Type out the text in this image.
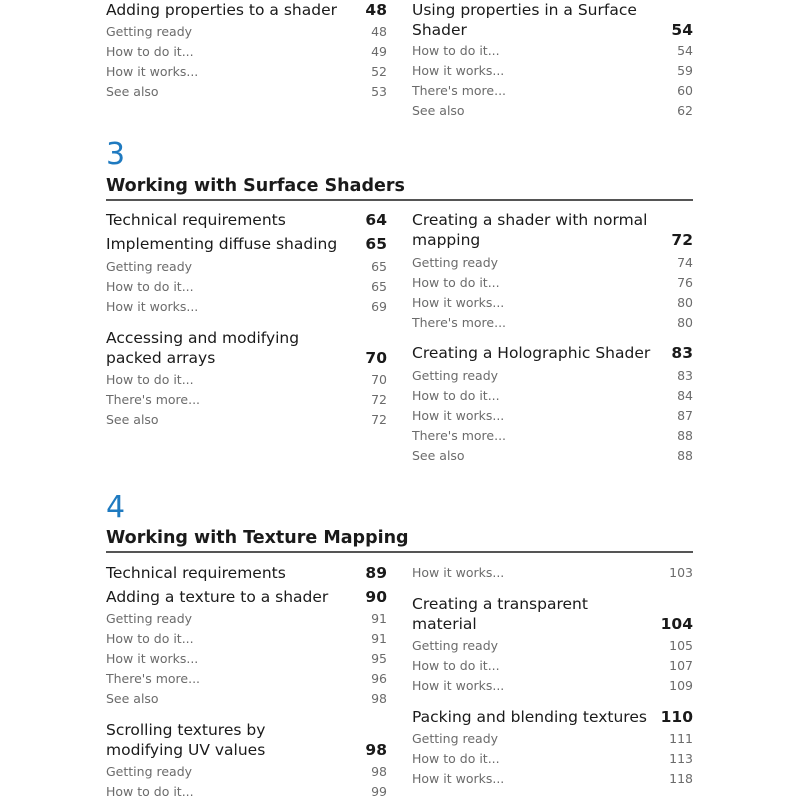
Adding properties to a shader	48
Getting ready	48
How to do it...	49
How it works...	52
See also	53
Using properties in a Surface Shader	54
How to do it...	54
How it works...	59
There's more...	60
See also	62
3
Working with Surface Shaders
Technical requirements	64
Implementing diffuse shading	65
Getting ready	65
How to do it...	65
How it works...	69
Accessing and modifying packed arrays	70
How to do it...	70
There's more...	72
See also	72
Creating a shader with normal mapping	72
Getting ready	74
How to do it...	76
How it works...	80
There's more...	80
Creating a Holographic Shader	83
Getting ready	83
How to do it...	84
How it works...	87
There's more...	88
See also	88
4
Working with Texture Mapping
Technical requirements	89
Adding a texture to a shader	90
Getting ready	91
How to do it...	91
How it works...	95
There's more...	96
See also	98
Scrolling textures by modifying UV values	98
Getting ready	98
How to do it...	99
How it works...	103
Creating a transparent material	104
Getting ready	105
How to do it...	107
How it works...	109
Packing and blending textures 110
Getting ready	111
How to do it...	113
How it works...	118
